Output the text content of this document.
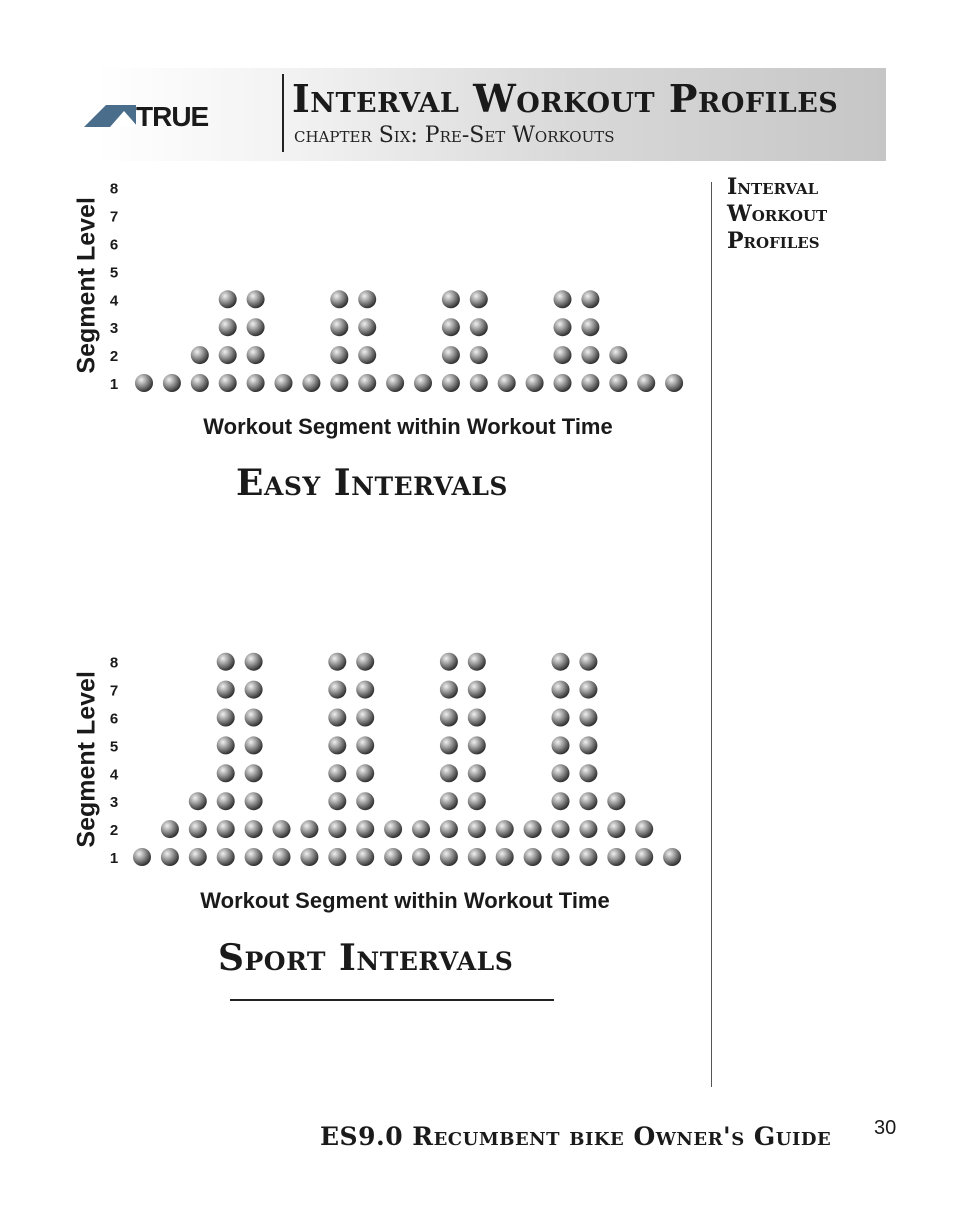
TRUE Interval Workout Profiles
chapter Six: Pre-Set Workouts
Interval
Workout
Profiles
1
2
3
4
5
6
7
8
Segment Level
Workout Segment within Workout Time
1
2
3
4
5
6
7
8
Segment Level
Workout Segment within Workout Time
Easy Intervals
Sport Intervals
ES9.0 Recumbent bike Owner's Guide 30
